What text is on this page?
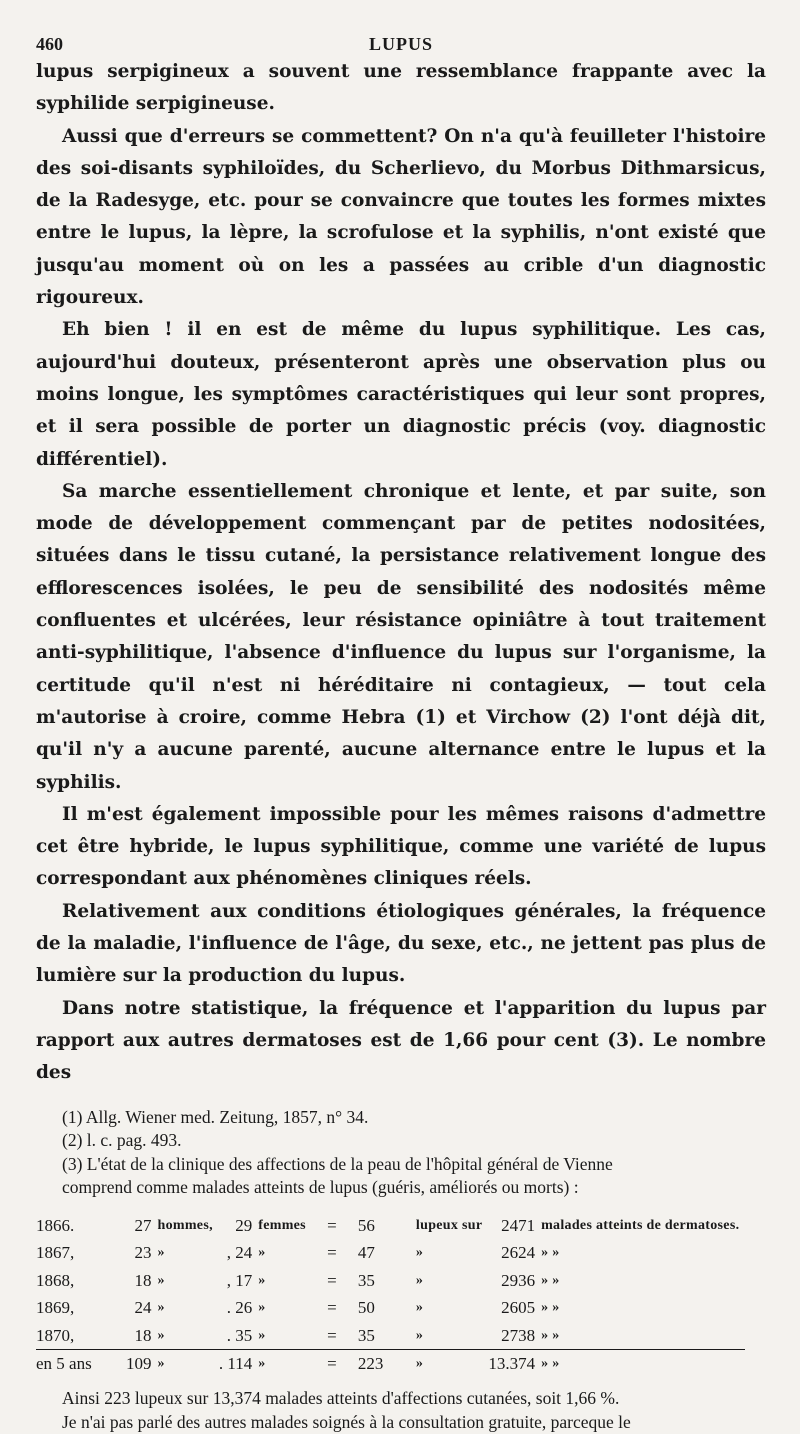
460	LUPUS

lupus serpigineux a souvent une ressemblance frappante avec la syphilide serpigineuse.

Aussi que d'erreurs se commettent? On n'a qu'à feuilleter l'histoire des soi-disants syphiloïdes, du Scherlievo, du Morbus Dithmarsicus, de la Radesyge, etc. pour se convaincre que toutes les formes mixtes entre le lupus, la lèpre, la scrofulose et la syphilis, n'ont existé que jusqu'au moment où on les a passées au crible d'un diagnostic rigoureux.

Eh bien ! il en est de même du lupus syphilitique. Les cas, aujourd'hui douteux, présenteront après une observation plus ou moins longue, les symptômes caractéristiques qui leur sont propres, et il sera possible de porter un diagnostic précis (voy. diagnostic différentiel).

Sa marche essentiellement chronique et lente, et par suite, son mode de développement commençant par de petites nodositées, situées dans le tissu cutané, la persistance relativement longue des efflorescences isolées, le peu de sensibilité des nodosités même confluentes et ulcérées, leur résistance opiniâtre à tout traitement anti-syphilitique, l'absence d'influence du lupus sur l'organisme, la certitude qu'il n'est ni héréditaire ni contagieux, — tout cela m'autorise à croire, comme Hebra (1) et Virchow (2) l'ont déjà dit, qu'il n'y a aucune parenté, aucune alternance entre le lupus et la syphilis.

Il m'est également impossible pour les mêmes raisons d'admettre cet être hybride, le lupus syphilitique, comme une variété de lupus correspondant aux phénomènes cliniques réels.

Relativement aux conditions étiologiques générales, la fréquence de la maladie, l'influence de l'âge, du sexe, etc., ne jettent pas plus de lumière sur la production du lupus.

Dans notre statistique, la fréquence et l'apparition du lupus par rapport aux autres dermatoses est de 1,66 pour cent (3). Le nombre des

(1) Allg. Wiener med. Zeitung, 1857, n° 34.

(2) l. c. pag. 493.

(3) L'état de la clinique des affections de la peau de l'hôpital général de Vienne

comprend comme malades atteints de lupus (guéris, améliorés ou morts) :

1866.	27	hommes,	29	femmes	=	56	lupeux sur	2471	malades atteints de dermatoses.
1867,	23	»	, 24	»	=	47	»	2624	» »
1868,	18	»	, 17	»	=	35	»	2936	» »
1869,	24	»	. 26	»	=	50	»	2605	» »
1870,	18	»	. 35	»	=	35	»	2738	» »
en 5 ans	109	»	. 114	»	=	223	»	13.374	» »

Ainsi 223 lupeux sur 13,374 malades atteints d'affections cutanées, soit 1,66 %.

Je n'ai pas parlé des autres malades soignés à la consultation gratuite, parceque le
